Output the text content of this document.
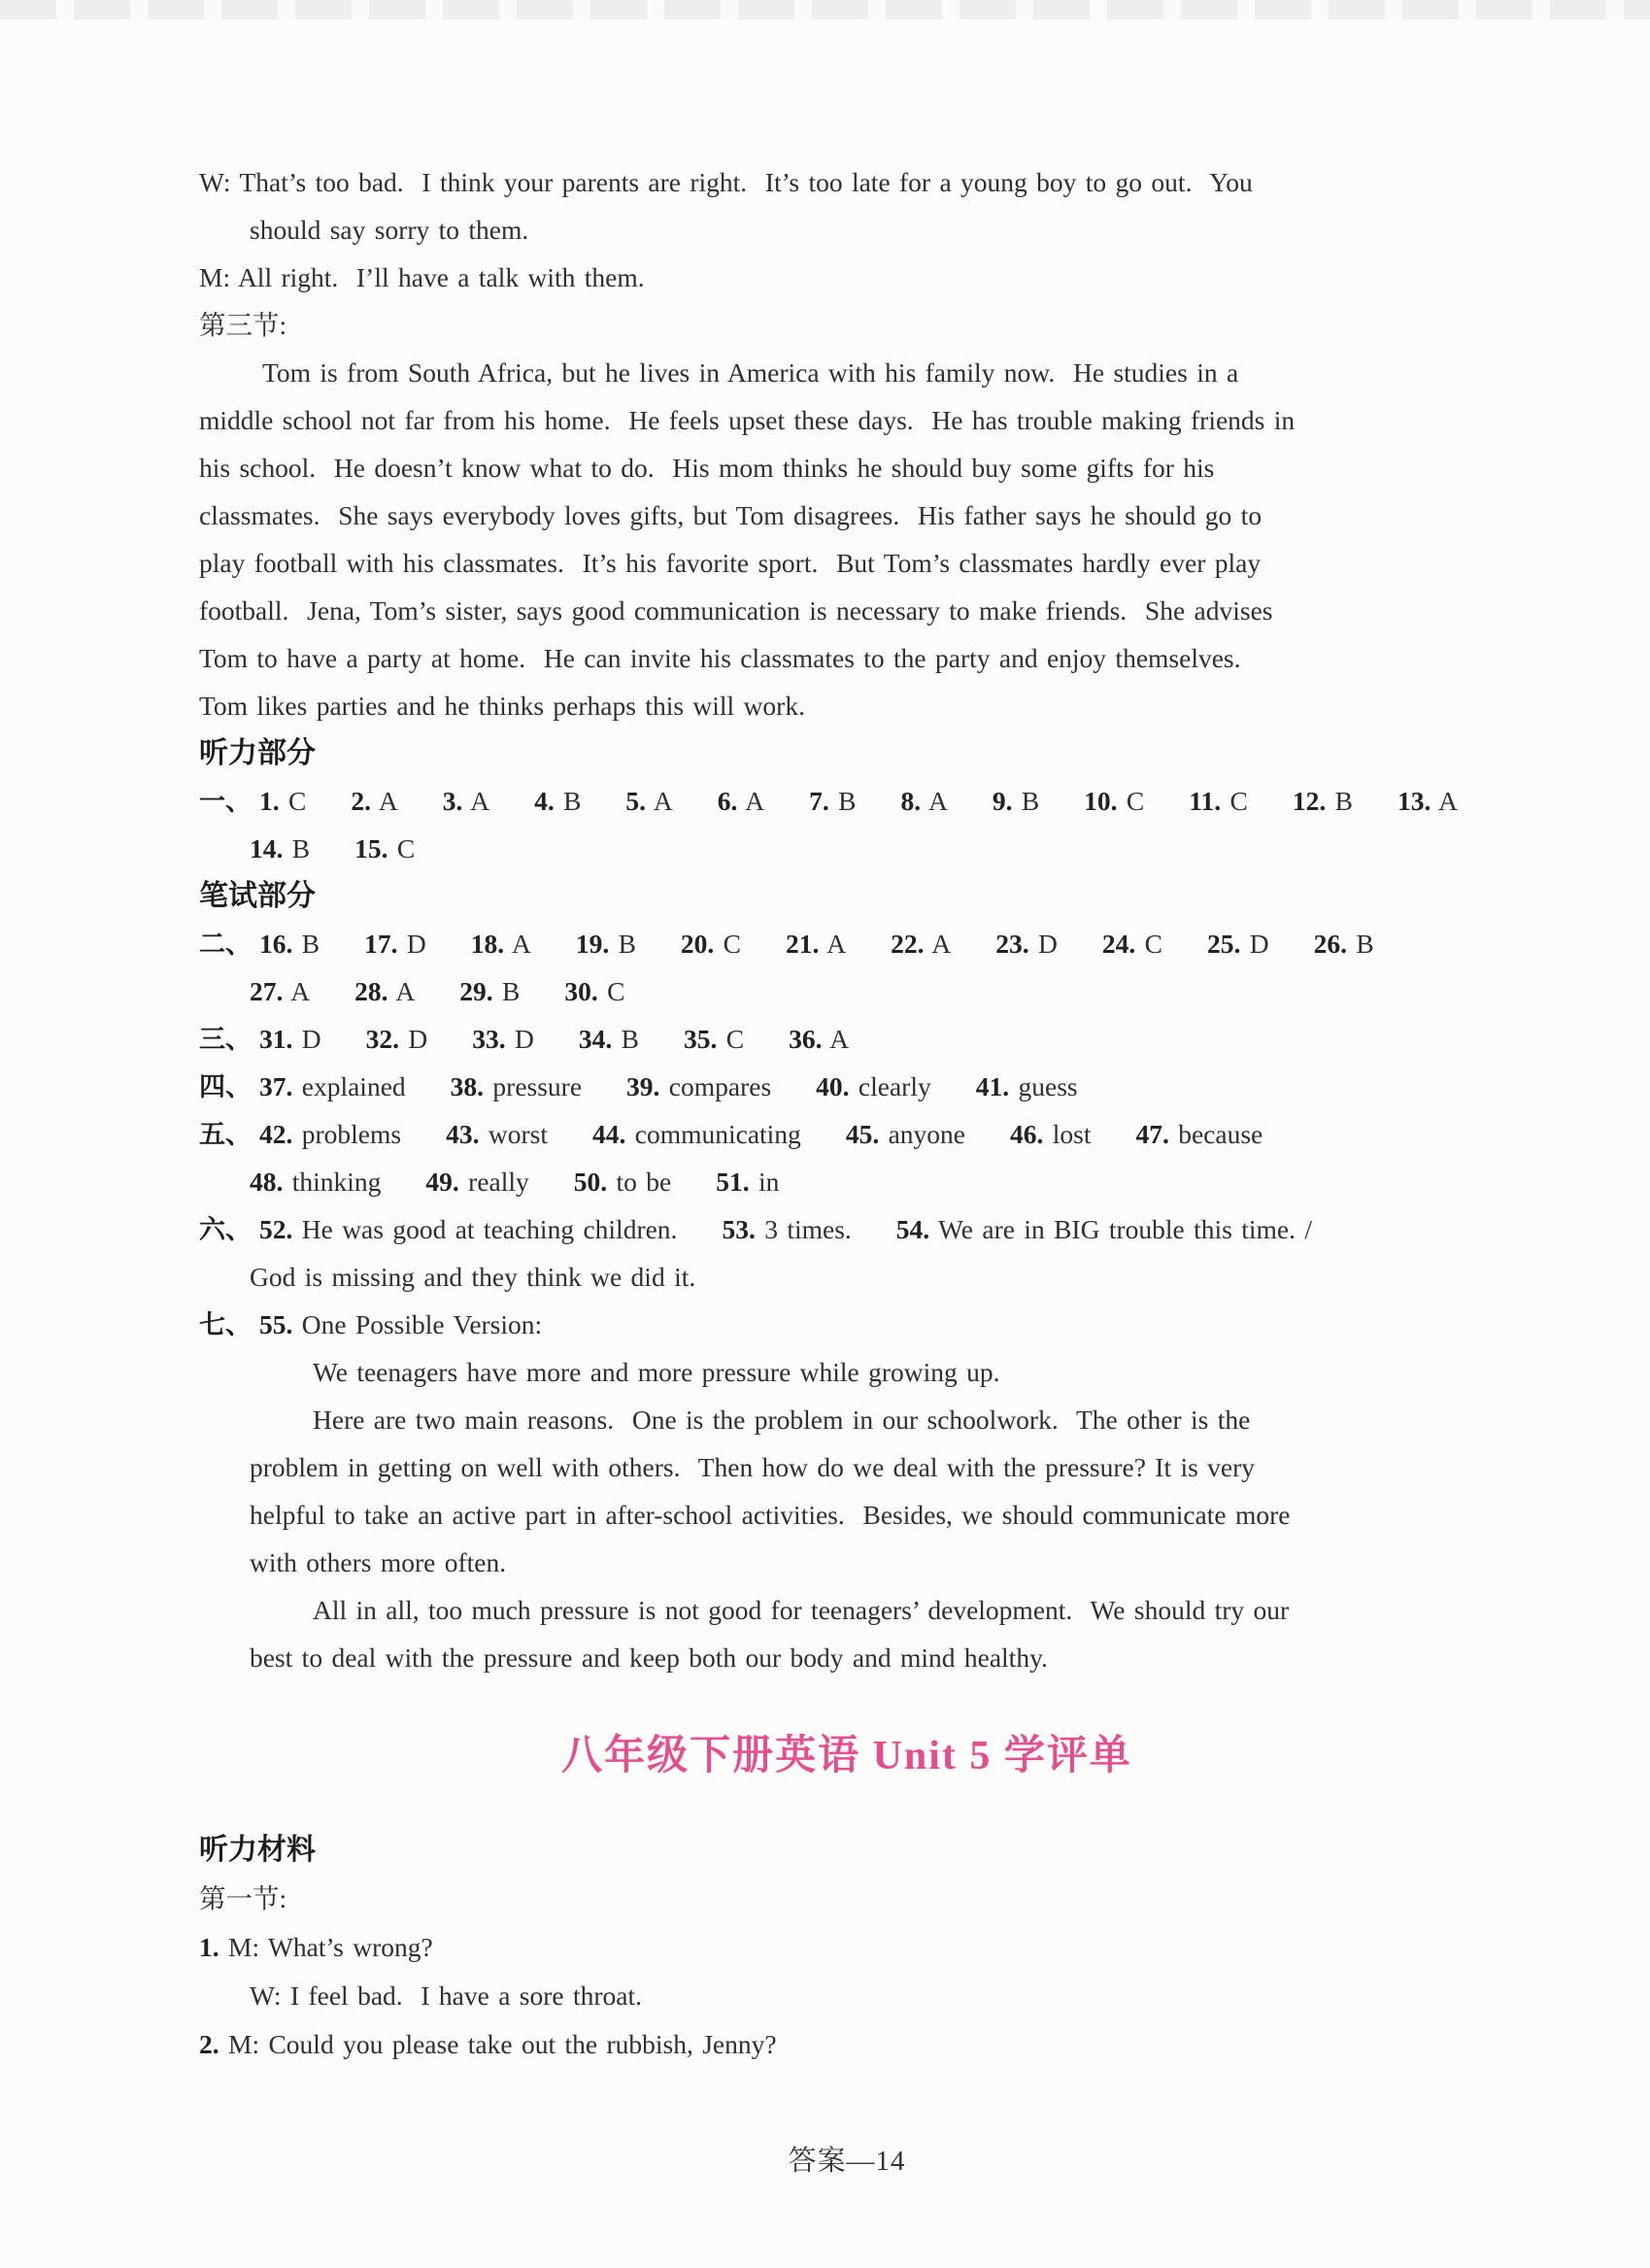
W: That’s too bad.  I think your parents are right.  It’s too late for a young boy to go out.  You
should say sorry to them.
M: All right.  I’ll have a talk with them.
第三节:
Tom is from South Africa, but he lives in America with his family now.  He studies in a
middle school not far from his home.  He feels upset these days.  He has trouble making friends in
his school.  He doesn’t know what to do.  His mom thinks he should buy some gifts for his
classmates.  She says everybody loves gifts, but Tom disagrees.  His father says he should go to
play football with his classmates.  It’s his favorite sport.  But Tom’s classmates hardly ever play
football.  Jena, Tom’s sister, says good communication is necessary to make friends.  She advises
Tom to have a party at home.  He can invite his classmates to the party and enjoy themselves.
Tom likes parties and he thinks perhaps this will work.
听力部分
一、 1. C 2. A 3. A 4. B 5. A 6. A 7. B 8. A 9. B 10. C 11. C 12. B 13. A
14. B 15. C
笔试部分
二、 16. B 17. D 18. A 19. B 20. C 21. A 22. A 23. D 24. C 25. D 26. B
27. A 28. A 29. B 30. C
三、 31. D 32. D 33. D 34. B 35. C 36. A
四、 37. explained 38. pressure 39. compares 40. clearly 41. guess
五、 42. problems 43. worst 44. communicating 45. anyone 46. lost 47. because
48. thinking 49. really 50. to be 51. in
六、 52. He was good at teaching children. 53. 3 times. 54. We are in BIG trouble this time. /
God is missing and they think we did it.
七、 55. One Possible Version:
We teenagers have more and more pressure while growing up.
Here are two main reasons.  One is the problem in our schoolwork.  The other is the
problem in getting on well with others.  Then how do we deal with the pressure? It is very
helpful to take an active part in after-school activities.  Besides, we should communicate more
with others more often.
All in all, too much pressure is not good for teenagers’ development.  We should try our
best to deal with the pressure and keep both our body and mind healthy.
八年级下册英语 Unit 5 学评单
听力材料
第一节:
1. M: What’s wrong?
W: I feel bad.  I have a sore throat.
2. M: Could you please take out the rubbish, Jenny?
答案—14
